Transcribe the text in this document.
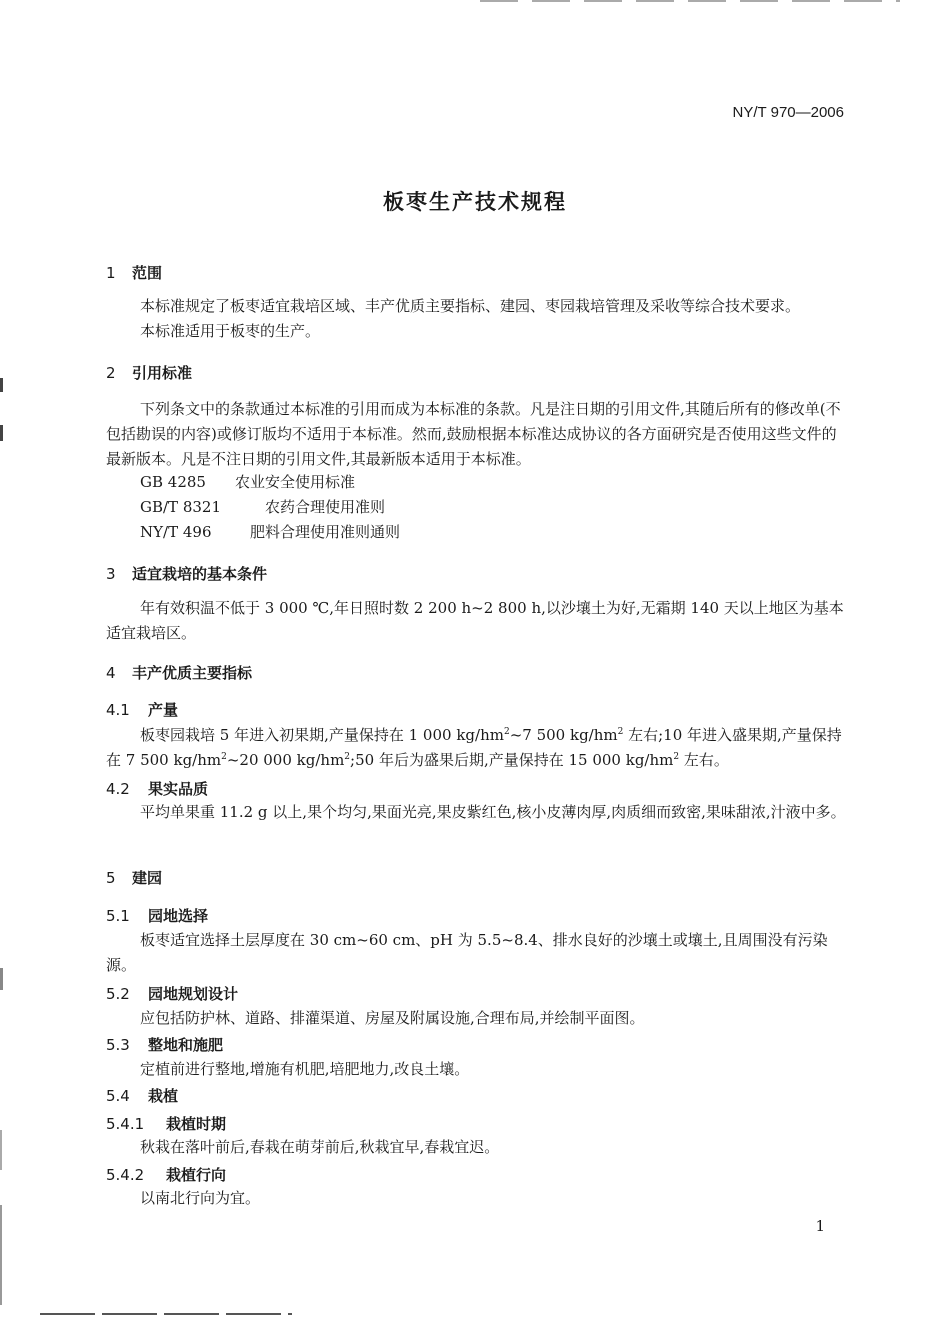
NY/T 970—2006
板枣生产技术规程
1 范围
本标准规定了板枣适宜栽培区域、丰产优质主要指标、建园、枣园栽培管理及采收等综合技术要求。
本标准适用于板枣的生产。
2 引用标准
下列条文中的条款通过本标准的引用而成为本标准的条款。凡是注日期的引用文件,其随后所有的修改单(不包括勘误的内容)或修订版均不适用于本标准。然而,鼓励根据本标准达成协议的各方面研究是否使用这些文件的最新版本。凡是不注日期的引用文件,其最新版本适用于本标准。
GB 4285 农业安全使用标准
GB/T 8321	农药合理使用准则
NY/T 496	肥料合理使用准则通则
3 适宜栽培的基本条件
年有效积温不低于 3 000 ℃,年日照时数 2 200 h~2 800 h,以沙壤土为好,无霜期 140 天以上地区为基本适宜栽培区。
4 丰产优质主要指标
4.1 产量
板枣园栽培 5 年进入初果期,产量保持在 1 000 $kg/hm^2\sim 7$ 500 $kg/hm^2$ 左右;10 年进入盛果期,产量保持在 7 500 $kg/hm^2\sim 20$ 000 $kg/hm^2;50$ 年后为盛果后期,产量保持在 15 000 $kg/hm^2$ 左右。
4.2 果实品质
平均单果重 11.2 g 以上,果个均匀,果面光亮,果皮紫红色,核小皮薄肉厚,肉质细而致密,果味甜浓,汁液中多。
5 建园
5.1 园地选择
板枣适宜选择土层厚度在 30 cm~60 cm、pH 为 5.5~8.4、排水良好的沙壤土或壤土,且周围没有污染源。
5.2 园地规划设计
应包括防护林、道路、排灌渠道、房屋及附属设施,合理布局,并绘制平面图。
5.3 整地和施肥
定植前进行整地,增施有机肥,培肥地力,改良土壤。
5.4 栽植
5.4.1 栽植时期
秋栽在落叶前后,春栽在萌芽前后,秋栽宜早,春栽宜迟。
5.4.2 栽植行向
以南北行向为宜。
1
